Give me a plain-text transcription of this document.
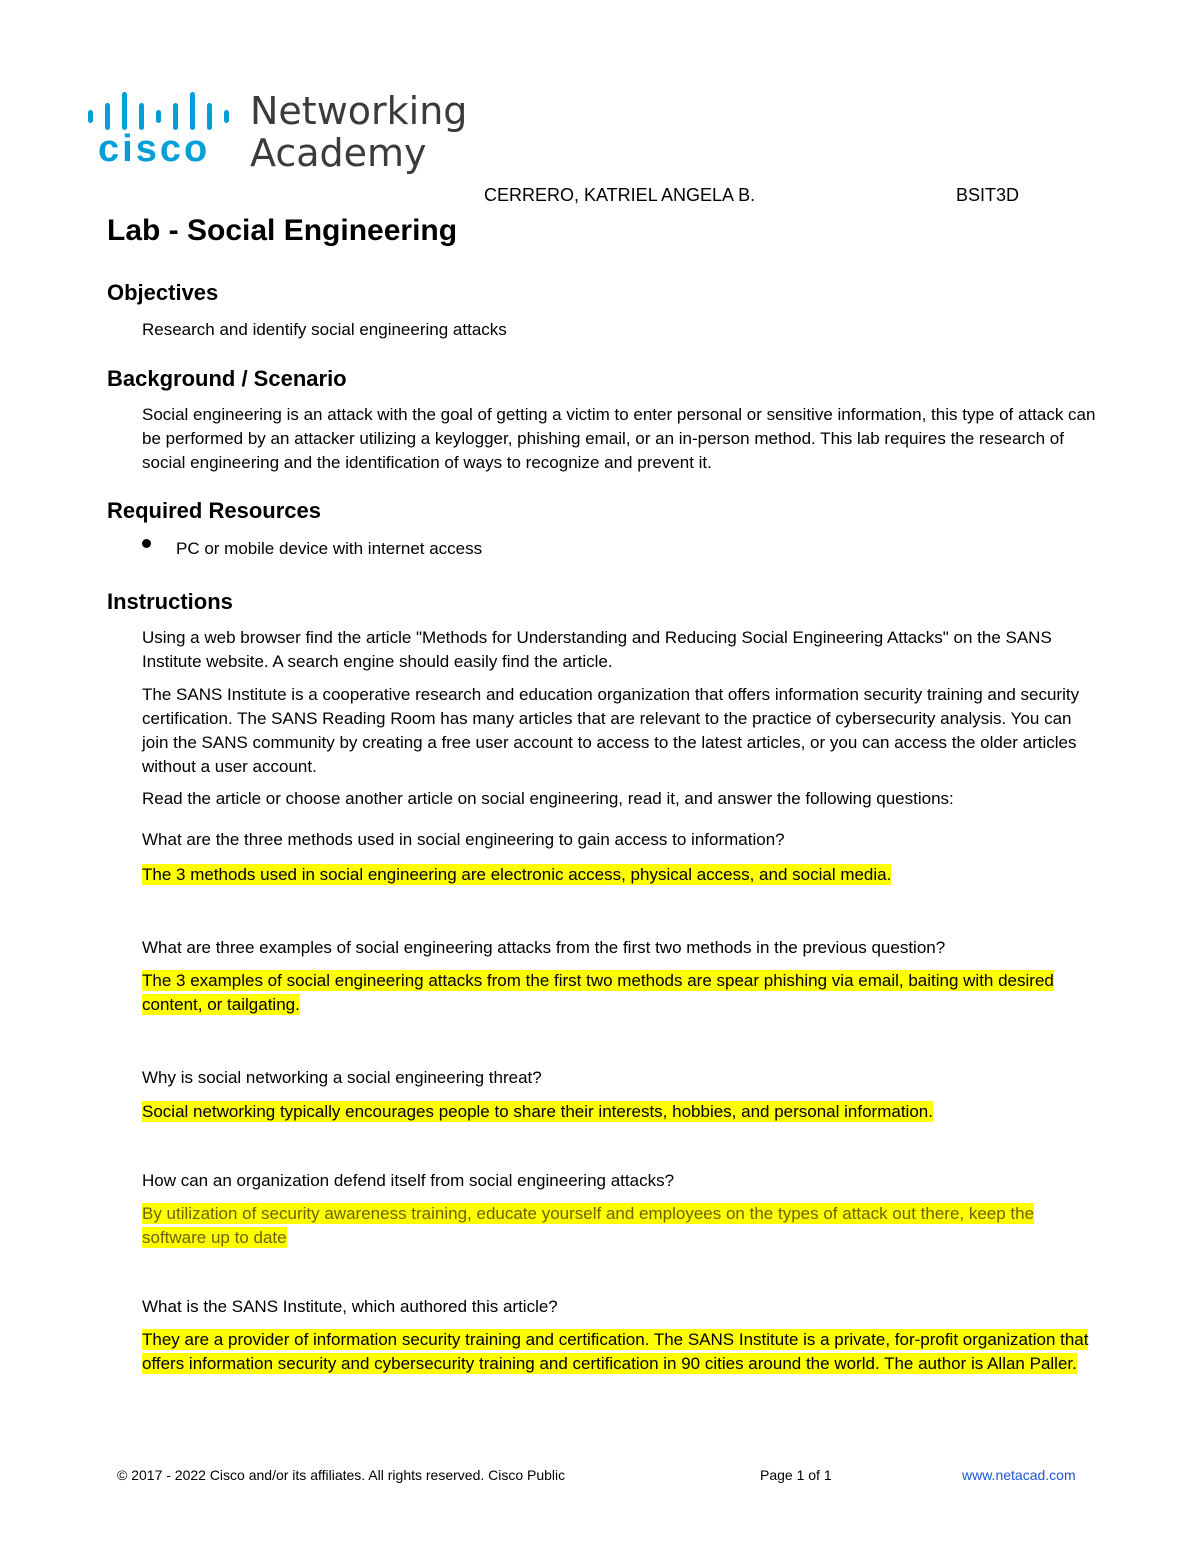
cisco
Networking
Academy
CERRERO, KATRIEL ANGELA B.	BSIT3D
Lab - Social Engineering
Objectives

Research and identify social engineering attacks

Background / Scenario

Social engineering is an attack with the goal of getting a victim to enter personal or sensitive information, this type of attack can be performed by an attacker utilizing a keylogger, phishing email, or an in-person method. This lab requires the research of social engineering and the identification of ways to recognize and prevent it.

Required Resources

PC or mobile device with internet access

Instructions

Using a web browser find the article "Methods for Understanding and Reducing Social Engineering Attacks" on the SANS Institute website. A search engine should easily find the article.

The SANS Institute is a cooperative research and education organization that offers information security training and security certification. The SANS Reading Room has many articles that are relevant to the practice of cybersecurity analysis. You can join the SANS community by creating a free user account to access to the latest articles, or you can access the older articles without a user account.

Read the article or choose another article on social engineering, read it, and answer the following questions:

What are the three methods used in social engineering to gain access to information?

The 3 methods used in social engineering are electronic access, physical access, and social media.

What are three examples of social engineering attacks from the first two methods in the previous question?

The 3 examples of social engineering attacks from the first two methods are spear phishing via email, baiting with desired content, or tailgating.

Why is social networking a social engineering threat?

Social networking typically encourages people to share their interests, hobbies, and personal information.

How can an organization defend itself from social engineering attacks?

By utilization of security awareness training, educate yourself and employees on the types of attack out there, keep the software up to date

What is the SANS Institute, which authored this article?

They are a provider of information security training and certification. The SANS Institute is a private, for-profit organization that offers information security and cybersecurity training and certification in 90 cities around the world. The author is Allan Paller.

© 2017 - 2022 Cisco and/or its affiliates. All rights reserved. Cisco Public	Page 1 of 1	www.netacad.com
